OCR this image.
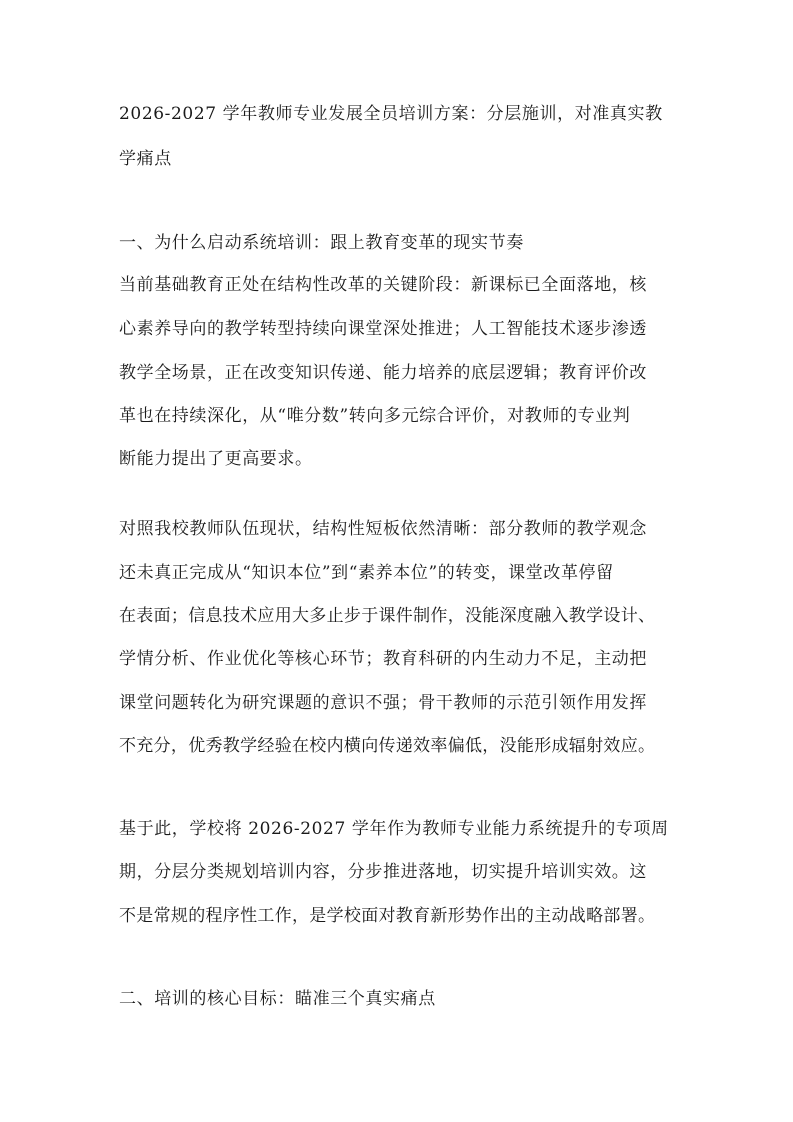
2026-2027 学年教师专业发展全员培训方案：分层施训，对准真实教
学痛点
一、为什么启动系统培训：跟上教育变革的现实节奏
当前基础教育正处在结构性改革的关键阶段：新课标已全面落地，核
心素养导向的教学转型持续向课堂深处推进；人工智能技术逐步渗透
教学全场景，正在改变知识传递、能力培养的底层逻辑；教育评价改
革也在持续深化，从“唯分数”转向多元综合评价，对教师的专业判
断能力提出了更高要求。
对照我校教师队伍现状，结构性短板依然清晰：部分教师的教学观念
还未真正完成从“知识本位”到“素养本位”的转变，课堂改革停留
在表面；信息技术应用大多止步于课件制作，没能深度融入教学设计、
学情分析、作业优化等核心环节；教育科研的内生动力不足，主动把
课堂问题转化为研究课题的意识不强；骨干教师的示范引领作用发挥
不充分，优秀教学经验在校内横向传递效率偏低，没能形成辐射效应。
基于此，学校将 2026-2027 学年作为教师专业能力系统提升的专项周
期，分层分类规划培训内容，分步推进落地，切实提升培训实效。这
不是常规的程序性工作，是学校面对教育新形势作出的主动战略部署。
二、培训的核心目标：瞄准三个真实痛点
